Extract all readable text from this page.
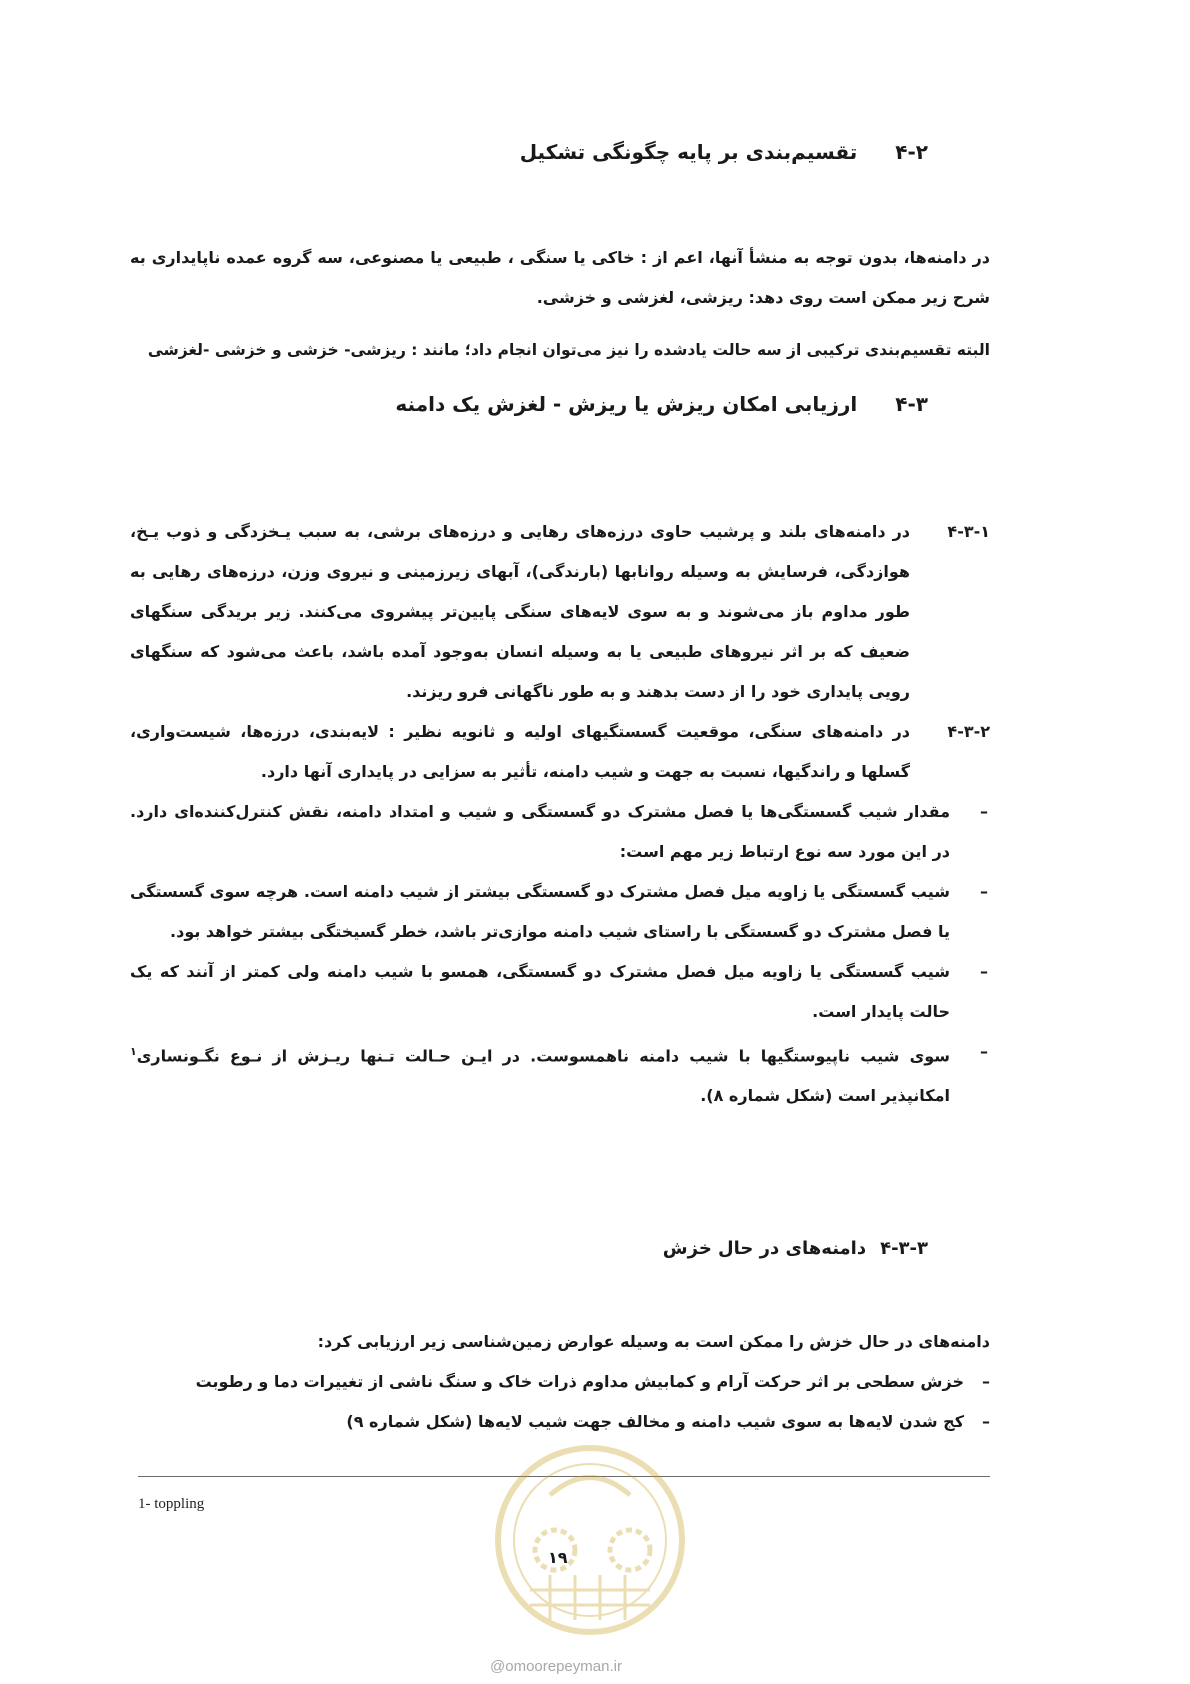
۴-۲
تقسیم‌بندی بر پایه چگونگی تشکیل
در دامنه‌ها، بدون توجه به منشأ آنها، اعم از : خاکی یا سنگی ، طبیعی یا مصنوعی، سه گروه عمده ناپایداری به شرح زیر ممکن است روی دهد: ریزشی، لغزشی و خزشی.
البته تقسیم‌بندی ترکیبی از سه حالت یادشده را نیز می‌توان انجام داد؛ مانند : ریزشی- خزشی و خزشی -لغزشی
۴-۳
ارزیابی امکان ریزش یا ریزش - لغزش یک دامنه
۴-۳-۱
در دامنه‌های بلند و پرشیب حاوی درزه‌های رهایی و درزه‌های برشی، به سبب یـخزدگی و ذوب یـخ، هوازدگی، فرسایش به وسیله روانابها (بارندگی)، آبهای زیرزمینی و نیروی وزن، درزه‌های رهایی به طور مداوم باز می‌شوند و به سوی لایه‌های سنگی پایین‌تر پیشروی می‌کنند. زیر بریدگی سنگهای ضعیف که بر اثر نیروهای طبیعی یا به وسیله انسان به‌وجود آمده باشد، باعث می‌شود که سنگهای رویی پایداری خود را از دست بدهند و به طور ناگهانی فرو ریزند.
۴-۳-۲
در دامنه‌های سنگی، موقعیت گسستگیهای اولیه و ثانویه نظیر : لایه‌بندی، درزه‌ها، شیست‌واری، گسلها و راندگیها، نسبت به جهت و شیب دامنه، تأثیر به سزایی در پایداری آنها دارد.
–
مقدار شیب گسستگی‌ها یا فصل مشترک دو گسستگی و شیب و امتداد دامنه، نقش کنترل‌کننده‌ای دارد. در این مورد سه نوع ارتباط زیر مهم است:
–
شیب گسستگی یا زاویه میل فصل مشترک دو گسستگی بیشتر از شیب دامنه است. هرچه سوی گسستگی یا فصل مشترک دو گسستگی با راستای شیب دامنه موازی‌تر باشد، خطر گسیختگی بیشتر خواهد بود.
–
شیب گسستگی یا زاویه میل فصل مشترک دو گسستگی، همسو با شیب دامنه ولی کمتر از آنند که یک حالت پایدار است.
–
سوی شیب ناپیوستگیها با شیب دامنه ناهمسوست. در ایـن حـالت تـنها ریـزش از نـوع نگـونساری$^۱$ امکانپذیر است (شکل شماره ۸).
۴-۳-۳
دامنه‌های در حال خزش
دامنه‌های در حال خزش را ممکن است به وسیله عوارض زمین‌شناسی زیر ارزیابی کرد:
–
خزش سطحی بر اثر حرکت آرام و کمابیش مداوم ذرات خاک و سنگ ناشی از تغییرات دما و رطوبت
–
کج شدن لایه‌ها به سوی شیب دامنه و مخالف جهت شیب لایه‌ها (شکل شماره ۹)
1- toppling
۱۹
@omoorepeyman.ir
